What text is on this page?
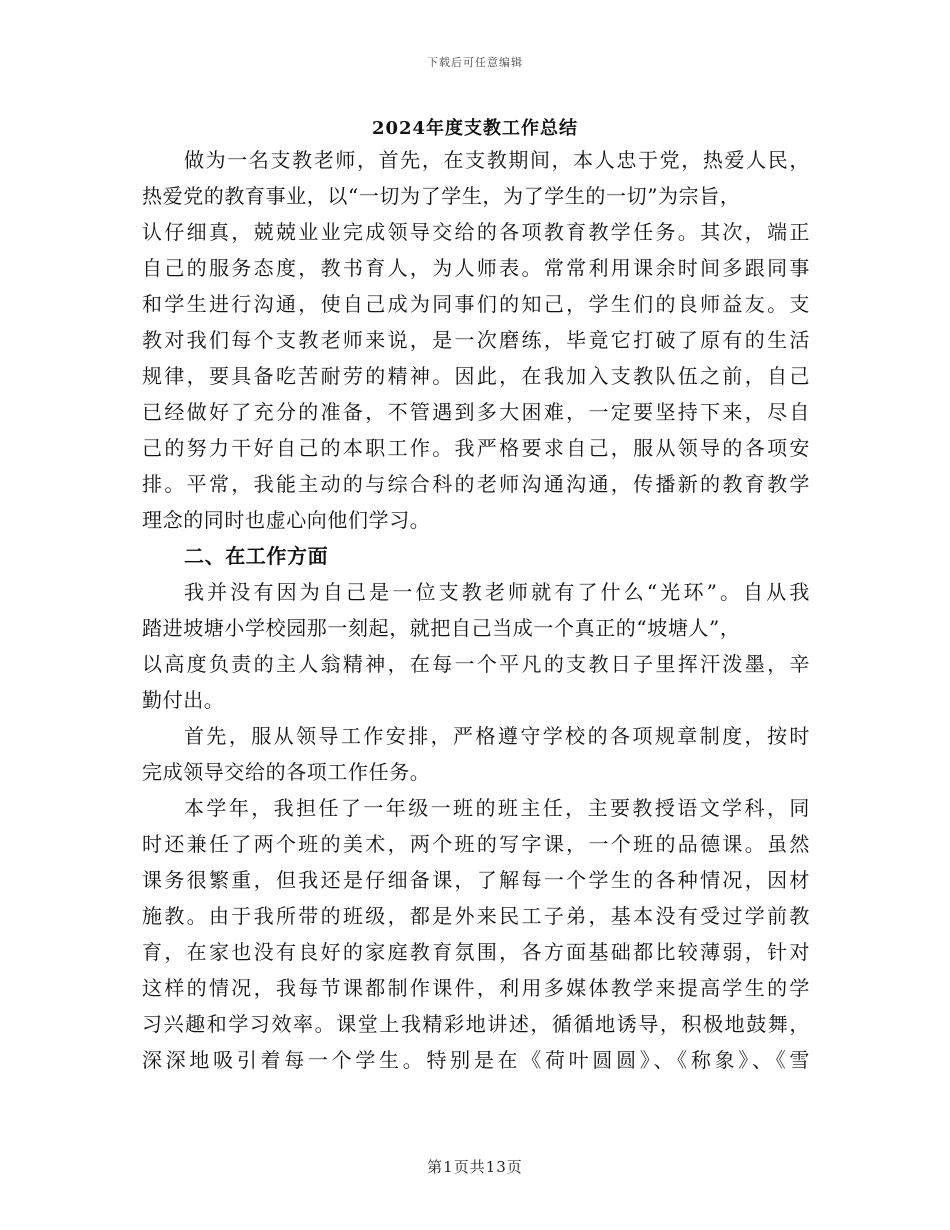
下载后可任意编辑
2024年度支教工作总结
做为一名支教老师，首先，在支教期间，本人忠于党，热爱人民，
热爱党的教育事业，以“一切为了学生，为了学生的一切”为宗旨，
认仔细真，兢兢业业完成领导交给的各项教育教学任务。其次，端正
自己的服务态度，教书育人，为人师表。常常利用课余时间多跟同事
和学生进行沟通，使自己成为同事们的知己，学生们的良师益友。支
教对我们每个支教老师来说，是一次磨练，毕竟它打破了原有的生活
规律，要具备吃苦耐劳的精神。因此，在我加入支教队伍之前，自己
已经做好了充分的准备，不管遇到多大困难，一定要坚持下来，尽自
己的努力干好自己的本职工作。我严格要求自己，服从领导的各项安
排。平常，我能主动的与综合科的老师沟通沟通，传播新的教育教学
理念的同时也虚心向他们学习。
二、在工作方面
我并没有因为自己是一位支教老师就有了什么“光环”。自从我
踏进坡塘小学校园那一刻起，就把自己当成一个真正的“坡塘人”，
以高度负责的主人翁精神，在每一个平凡的支教日子里挥汗泼墨，辛
勤付出。
首先，服从领导工作安排，严格遵守学校的各项规章制度，按时
完成领导交给的各项工作任务。
本学年，我担任了一年级一班的班主任，主要教授语文学科，同
时还兼任了两个班的美术，两个班的写字课，一个班的品德课。虽然
课务很繁重，但我还是仔细备课，了解每一个学生的各种情况，因材
施教。由于我所带的班级，都是外来民工子弟，基本没有受过学前教
育，在家也没有良好的家庭教育氛围，各方面基础都比较薄弱，针对
这样的情况，我每节课都制作课件，利用多媒体教学来提高学生的学
习兴趣和学习效率。课堂上我精彩地讲述，循循地诱导，积极地鼓舞，
深深地吸引着每一个学生。特别是在《荷叶圆圆》、《称象》、《雪
第1页共13页
